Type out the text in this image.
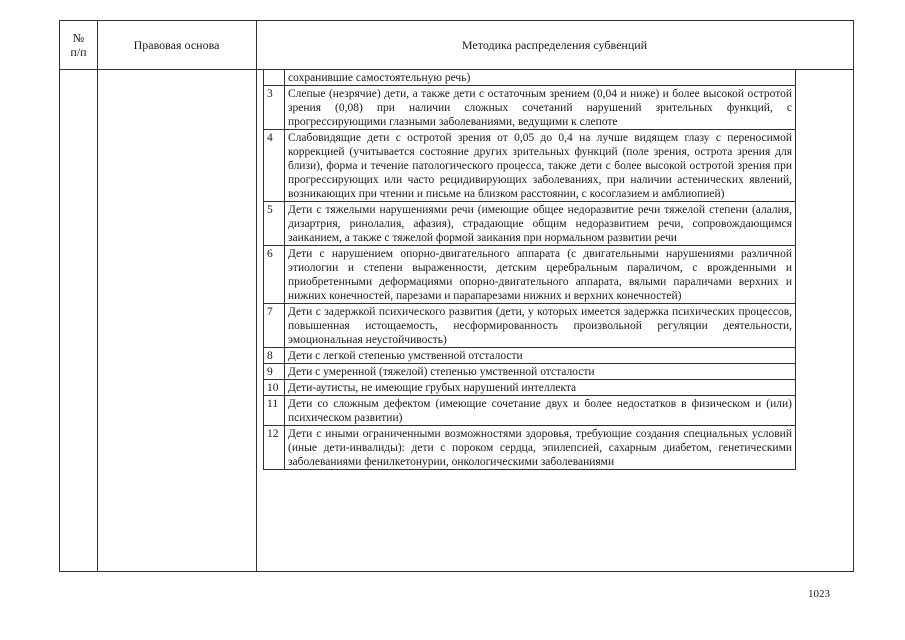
№
п/п	Правовая основа	Методика распределения субвенций
	сохранившие самостоятельную речь)
3	Слепые (незрячие) дети, а также дети с остаточным зрением (0,04 и ниже) и более высокой остротой зрения (0,08) при наличии сложных сочетаний нарушений зрительных функций, с прогрессирующими глазными заболеваниями, ведущими к слепоте
4	Слабовидящие дети с остротой зрения от 0,05 до 0,4 на лучше видящем глазу с переносимой коррекцией (учитывается состояние других зрительных функций (поле зрения, острота зрения для близи), форма и течение патологического процесса, также дети с более высокой остротой зрения при прогрессирующих или часто рецидивирующих заболеваниях, при наличии астенических явлений, возникающих при чтении и письме на близком расстоянии, с косоглазием и амблиопией)
5	Дети с тяжелыми нарушениями речи (имеющие общее недоразвитие речи тяжелой степени (алалия, дизартрия, ринолалия, афазия), страдающие общим недоразвитием речи, сопровождающимся заиканием, а также с тяжелой формой заикания при нормальном развитии речи
6	Дети с нарушением опорно-двигательного аппарата (с двигательными нарушениями различной этиологии и степени выраженности, детским церебральным параличом, с врожденными и приобретенными деформациями опорно-двигательного аппарата, вялыми параличами верхних и нижних конечностей, парезами и парапарезами нижних и верхних конечностей)
7	Дети с задержкой психического развития (дети, у которых имеется задержка психических процессов, повышенная истощаемость, несформированность произвольной регуляции деятельности, эмоциональная неустойчивость)
8	Дети с легкой степенью умственной отсталости
9	Дети с умеренной (тяжелой) степенью умственной отсталости
10	Дети-аутисты, не имеющие грубых нарушений интеллекта
11	Дети со сложным дефектом (имеющие сочетание двух и более недостатков в физическом и (или) психическом развитии)
12	Дети с иными ограниченными возможностями здоровья, требующие создания специальных условий (иные дети-инвалиды): дети с пороком сердца, эпилепсией, сахарным диабетом, генетическими заболеваниями фенилкетонурии, онкологическими заболеваниями
1023
